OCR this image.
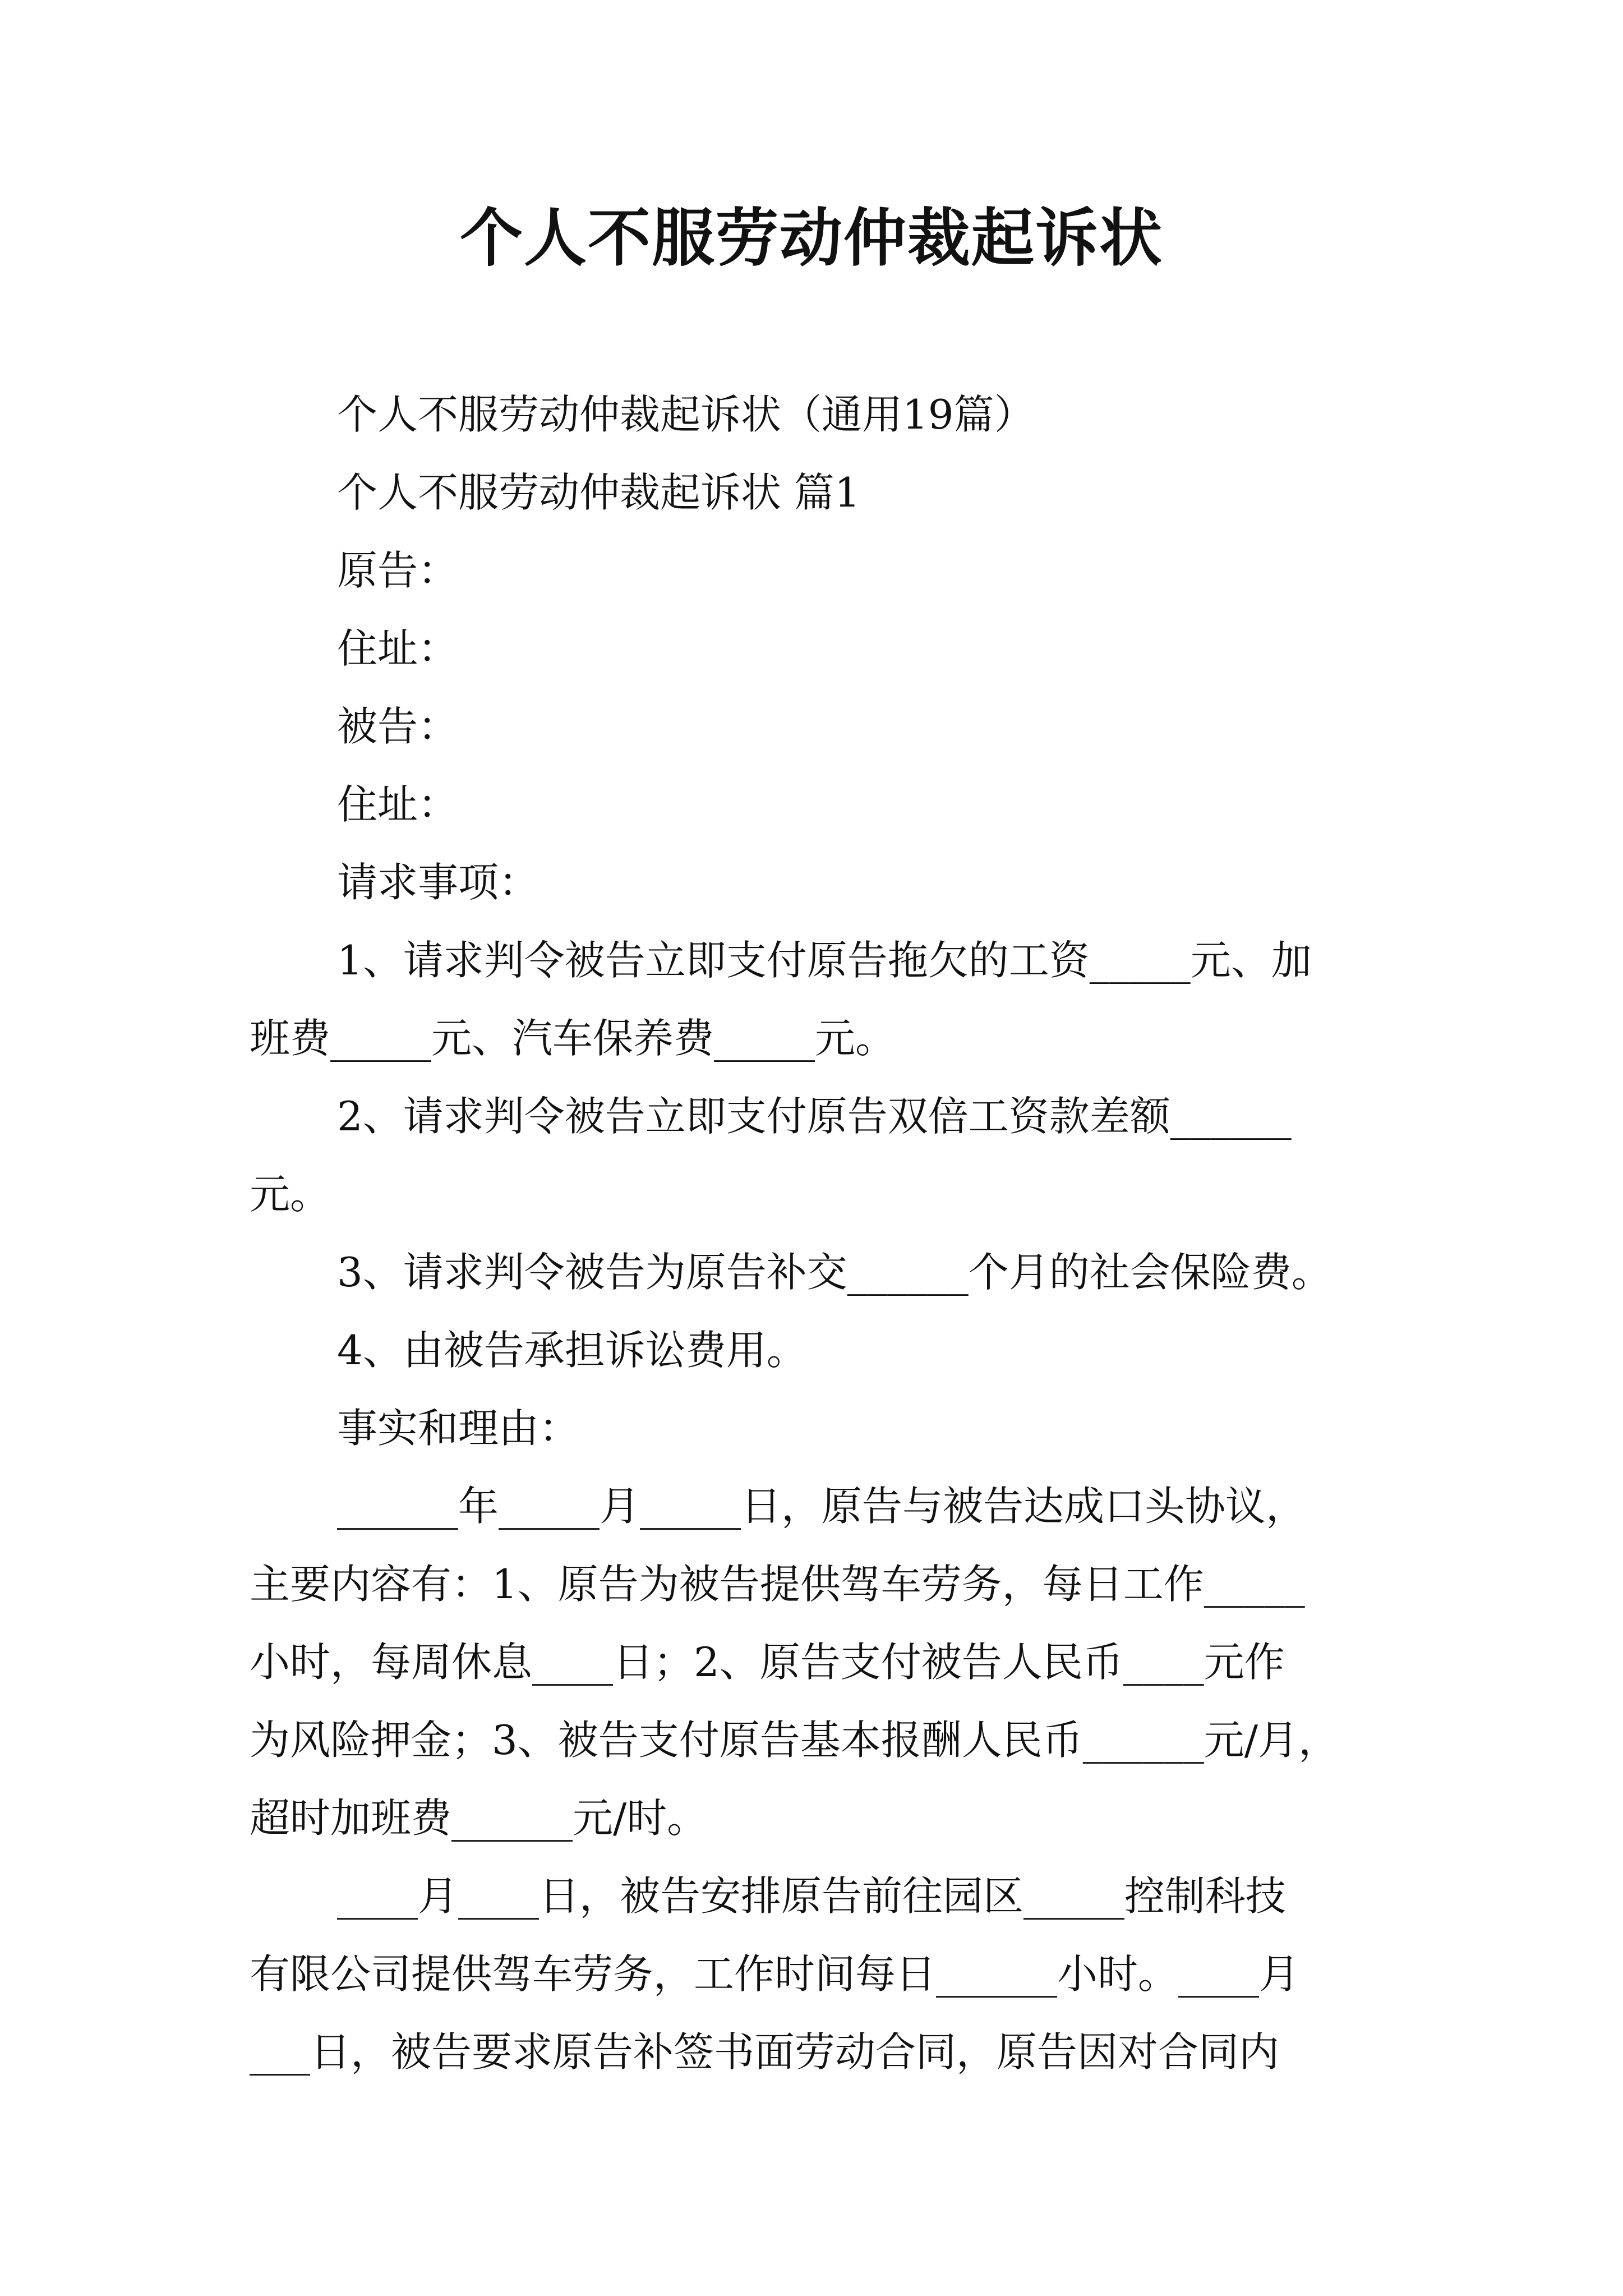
个人不服劳动仲裁起诉状
个人不服劳动仲裁起诉状（通用19篇）
个人不服劳动仲裁起诉状 篇1
原告：
住址：
被告：
住址：
请求事项：
1、请求判令被告立即支付原告拖欠的工资_____元、加
班费_____元、汽车保养费_____元。
2、请求判令被告立即支付原告双倍工资款差额______
元。
3、请求判令被告为原告补交______个月的社会保险费。
4、由被告承担诉讼费用。
事实和理由：
______年_____月_____日，原告与被告达成口头协议，
主要内容有：1、原告为被告提供驾车劳务，每日工作_____
小时，每周休息____日；2、原告支付被告人民币____元作
为风险押金；3、被告支付原告基本报酬人民币______元/月，
超时加班费______元/时。
____月____日，被告安排原告前往园区_____控制科技
有限公司提供驾车劳务，工作时间每日______小时。____月
___日，被告要求原告补签书面劳动合同，原告因对合同内
